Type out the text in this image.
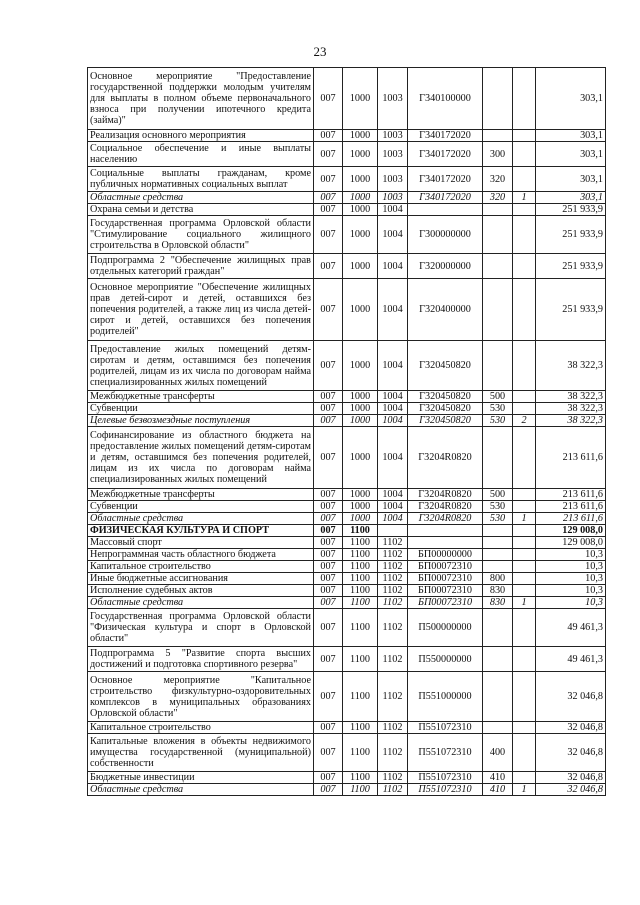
23
Основное мероприятие "Предоставление государственной поддержки молодым учителям для выплаты в полном объеме первоначального взноса при получении ипотечного кредита (займа)"	007	1000	1003	Г340100000			303,1
Реализация основного мероприятия	007	1000	1003	Г340172020			303,1
Социальное обеспечение и иные выплаты населению	007	1000	1003	Г340172020	300		303,1
Социальные выплаты гражданам, кроме публичных нормативных социальных выплат	007	1000	1003	Г340172020	320		303,1
Областные средства	007	1000	1003	Г340172020	320	1	303,1
Охрана семьи и детства	007	1000	1004				251 933,9
Государственная программа Орловской области "Стимулирование социального жилищного строительства в Орловской области"	007	1000	1004	Г300000000			251 933,9
Подпрограмма 2 "Обеспечение жилищных прав отдельных категорий граждан"	007	1000	1004	Г320000000			251 933,9
Основное мероприятие "Обеспечение жилищных прав детей-сирот и детей, оставшихся без попечения родителей, а также лиц из числа детей-сирот и детей, оставшихся без попечения родителей"	007	1000	1004	Г320400000			251 933,9
Предоставление жилых помещений детям-сиротам и детям, оставшимся без попечения родителей, лицам из их числа по договорам найма специализированных жилых помещений	007	1000	1004	Г320450820			38 322,3
Межбюджетные трансферты	007	1000	1004	Г320450820	500		38 322,3
Субвенции	007	1000	1004	Г320450820	530		38 322,3
Целевые безвозмездные поступления	007	1000	1004	Г320450820	530	2	38 322,3
Софинансирование из областного бюджета на предоставление жилых помещений детям-сиротам и детям, оставшимся без попечения родителей, лицам из их числа по договорам найма специализированных жилых помещений	007	1000	1004	Г3204R0820			213 611,6
Межбюджетные трансферты	007	1000	1004	Г3204R0820	500		213 611,6
Субвенции	007	1000	1004	Г3204R0820	530		213 611,6
Областные средства	007	1000	1004	Г3204R0820	530	1	213 611,6
ФИЗИЧЕСКАЯ КУЛЬТУРА И СПОРТ	007	1100					129 008,0
Массовый спорт	007	1100	1102				129 008,0
Непрограммная часть областного бюджета	007	1100	1102	БП00000000			10,3
Капитальное строительство	007	1100	1102	БП00072310			10,3
Иные бюджетные ассигнования	007	1100	1102	БП00072310	800		10,3
Исполнение судебных актов	007	1100	1102	БП00072310	830		10,3
Областные средства	007	1100	1102	БП00072310	830	1	10,3
Государственная программа Орловской области "Физическая культура и спорт в Орловской области"	007	1100	1102	П500000000			49 461,3
Подпрограмма 5 "Развитие спорта высших достижений и подготовка спортивного резерва"	007	1100	1102	П550000000			49 461,3
Основное мероприятие "Капитальное строительство физкультурно-оздоровительных комплексов в муниципальных образованиях Орловской области"	007	1100	1102	П551000000			32 046,8
Капитальное строительство	007	1100	1102	П551072310			32 046,8
Капитальные вложения в объекты недвижимого имущества государственной (муниципальной) собственности	007	1100	1102	П551072310	400		32 046,8
Бюджетные инвестиции	007	1100	1102	П551072310	410		32 046,8
Областные средства	007	1100	1102	П551072310	410	1	32 046,8
